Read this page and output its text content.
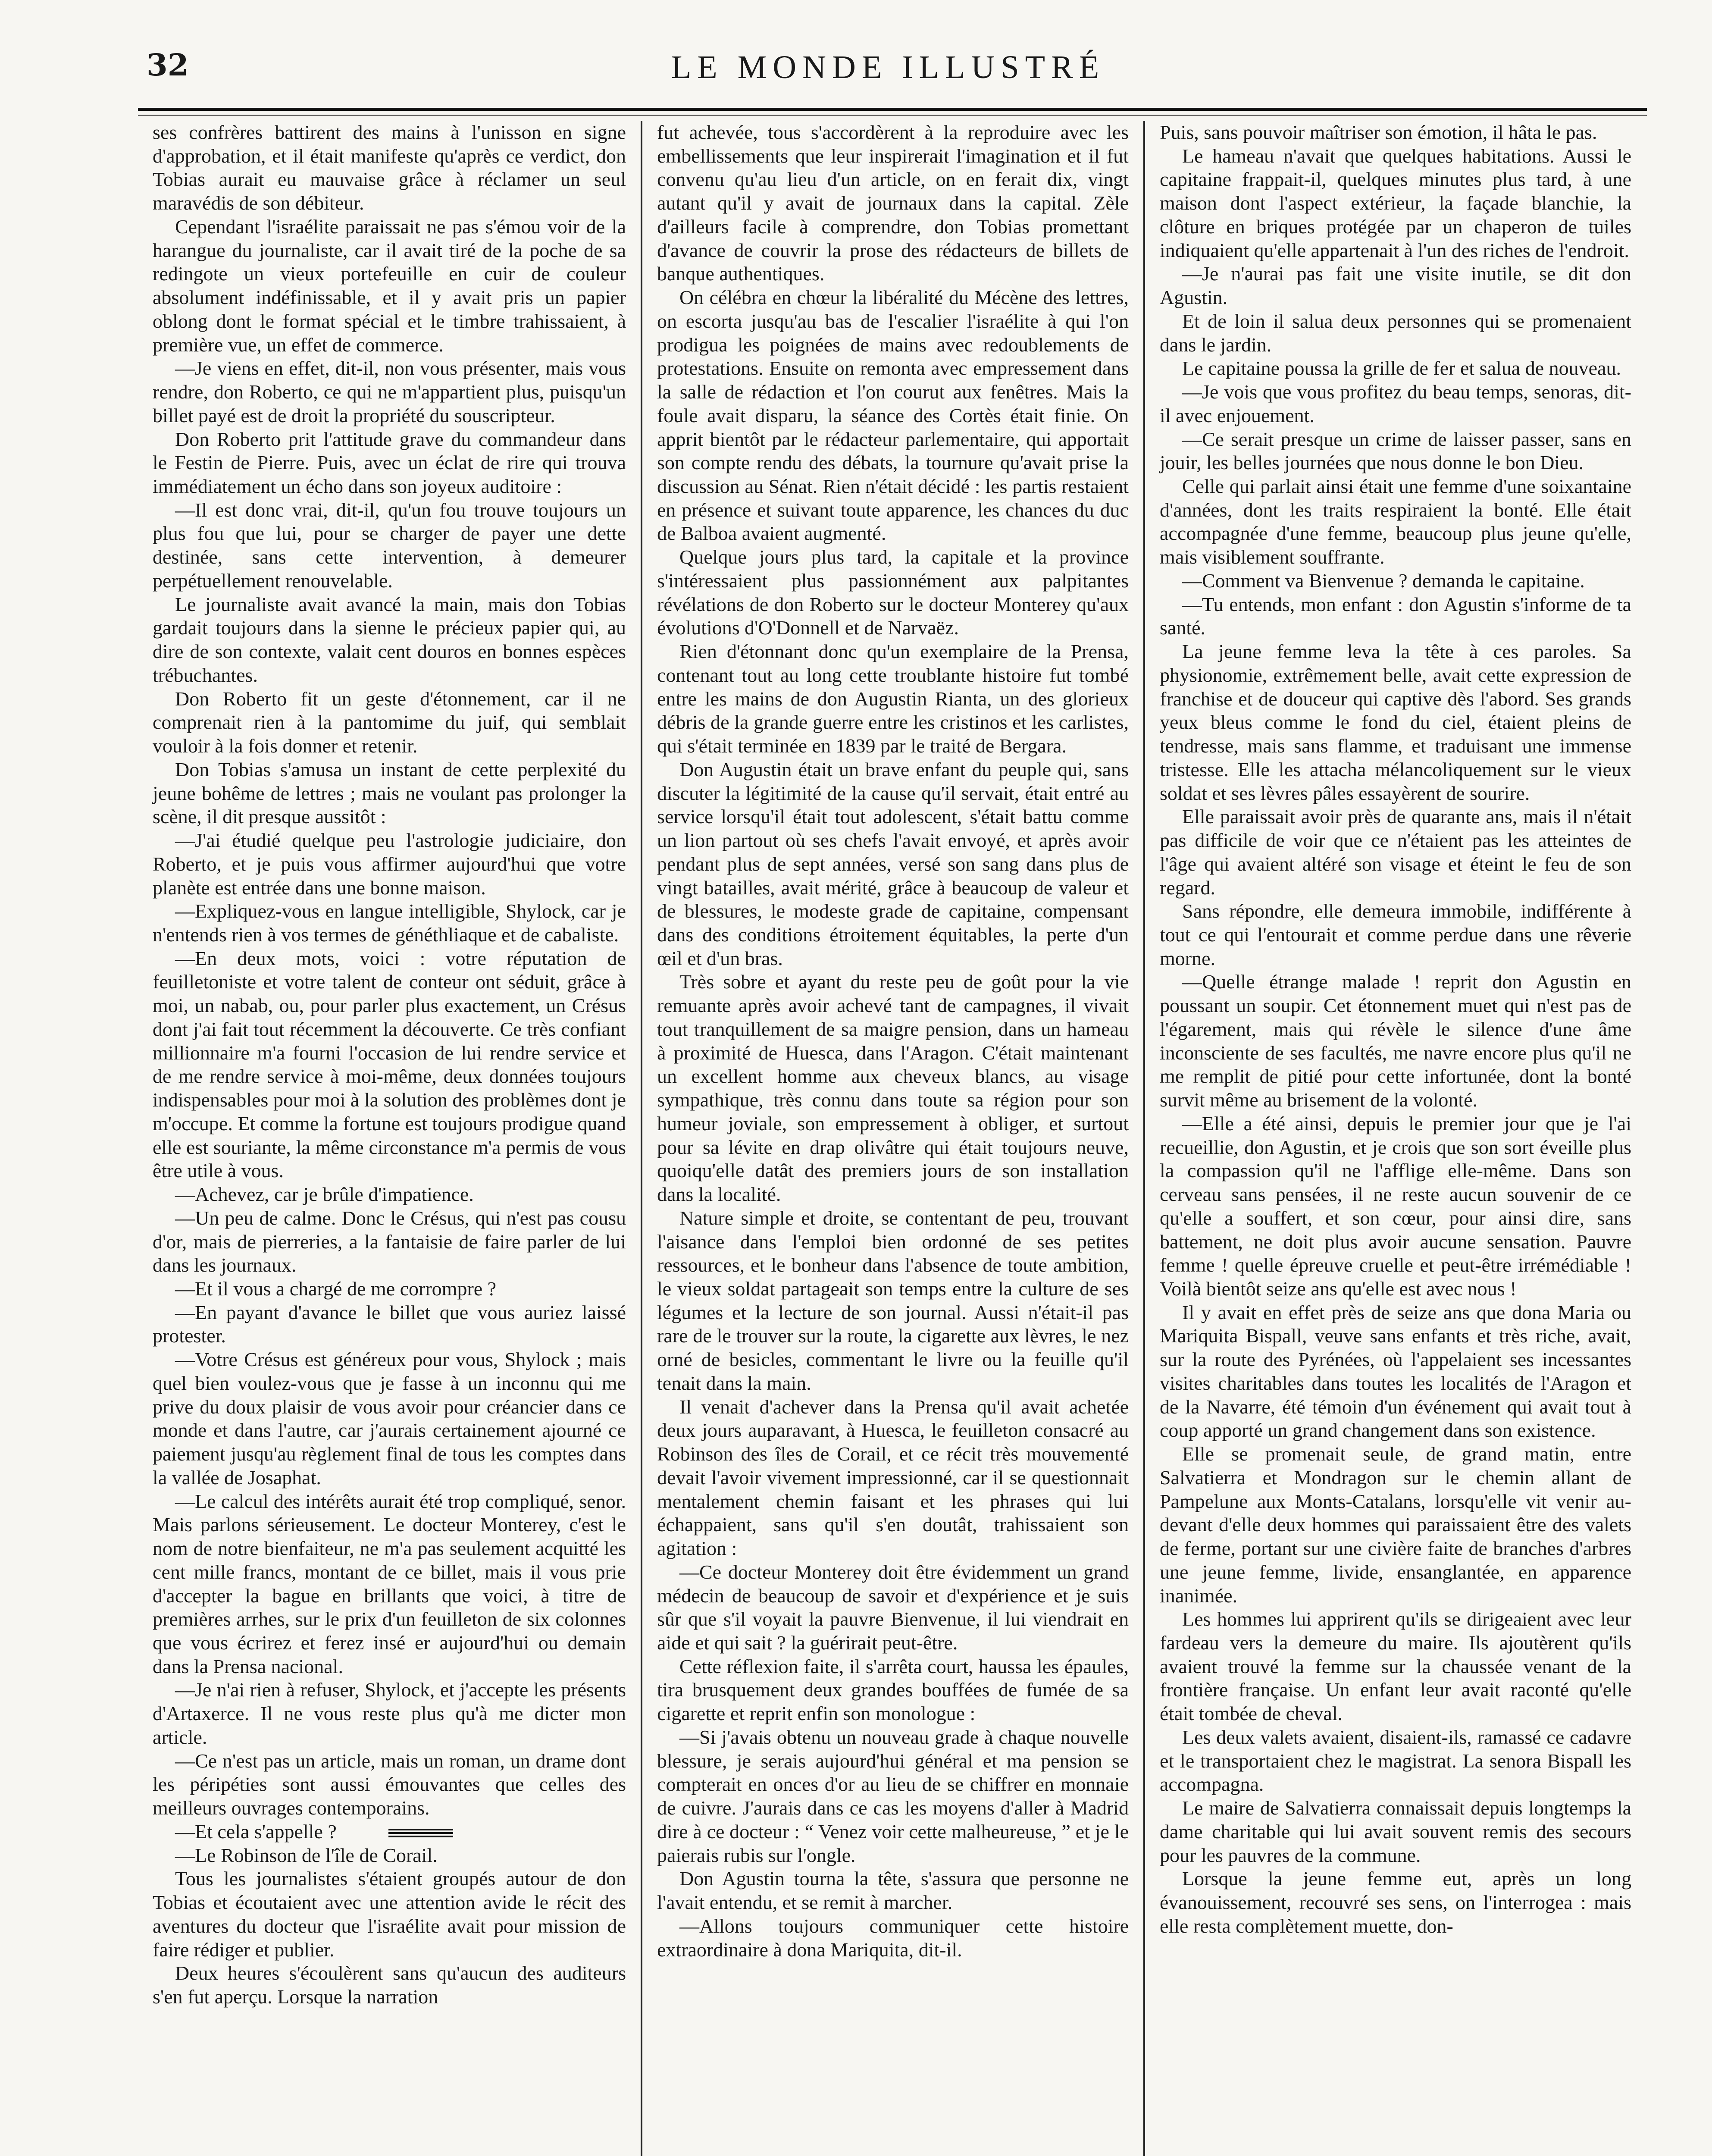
32	LE MONDE ILLUSTRÉ

ses confrères battirent des mains à l'unisson en signe d'approbation, et il était manifeste qu'après ce verdict, don Tobias aurait eu mauvaise grâce à réclamer un seul maravédis de son débiteur.

Cependant l'israélite paraissait ne pas s'émou voir de la harangue du journaliste, car il avait tiré de la poche de sa redingote un vieux portefeuille en cuir de couleur absolument indéfinissable, et il y avait pris un papier oblong dont le format spécial et le timbre trahissaient, à première vue, un effet de commerce.

—Je viens en effet, dit-il, non vous présenter, mais vous rendre, don Roberto, ce qui ne m'appartient plus, puisqu'un billet payé est de droit la propriété du souscripteur.

Don Roberto prit l'attitude grave du commandeur dans le Festin de Pierre. Puis, avec un éclat de rire qui trouva immédiatement un écho dans son joyeux auditoire :

—Il est donc vrai, dit-il, qu'un fou trouve toujours un plus fou que lui, pour se charger de payer une dette destinée, sans cette intervention, à demeurer perpétuellement renouvelable.

Le journaliste avait avancé la main, mais don Tobias gardait toujours dans la sienne le précieux papier qui, au dire de son contexte, valait cent douros en bonnes espèces trébuchantes.

Don Roberto fit un geste d'étonnement, car il ne comprenait rien à la pantomime du juif, qui semblait vouloir à la fois donner et retenir.

Don Tobias s'amusa un instant de cette perplexité du jeune bohême de lettres ; mais ne voulant pas prolonger la scène, il dit presque aussitôt :

—J'ai étudié quelque peu l'astrologie judiciaire, don Roberto, et je puis vous affirmer aujourd'hui que votre planète est entrée dans une bonne maison.

—Expliquez-vous en langue intelligible, Shylock, car je n'entends rien à vos termes de généthliaque et de cabaliste.

—En deux mots, voici : votre réputation de feuilletoniste et votre talent de conteur ont séduit, grâce à moi, un nabab, ou, pour parler plus exactement, un Crésus dont j'ai fait tout récemment la découverte. Ce très confiant millionnaire m'a fourni l'occasion de lui rendre service et de me rendre service à moi-même, deux données toujours indispensables pour moi à la solution des problèmes dont je m'occupe. Et comme la fortune est toujours prodigue quand elle est souriante, la même circonstance m'a permis de vous être utile à vous.

—Achevez, car je brûle d'impatience.

—Un peu de calme. Donc le Crésus, qui n'est pas cousu d'or, mais de pierreries, a la fantaisie de faire parler de lui dans les journaux.

—Et il vous a chargé de me corrompre ?

—En payant d'avance le billet que vous auriez laissé protester.

—Votre Crésus est généreux pour vous, Shylock ; mais quel bien voulez-vous que je fasse à un inconnu qui me prive du doux plaisir de vous avoir pour créancier dans ce monde et dans l'autre, car j'aurais certainement ajourné ce paiement jusqu'au règlement final de tous les comptes dans la vallée de Josaphat.

—Le calcul des intérêts aurait été trop compliqué, senor. Mais parlons sérieusement. Le docteur Monterey, c'est le nom de notre bienfaiteur, ne m'a pas seulement acquitté les cent mille francs, montant de ce billet, mais il vous prie d'accepter la bague en brillants que voici, à titre de premières arrhes, sur le prix d'un feuilleton de six colonnes que vous écrirez et ferez insé er aujourd'hui ou demain dans la Prensa nacional.

—Je n'ai rien à refuser, Shylock, et j'accepte les présents d'Artaxerce. Il ne vous reste plus qu'à me dicter mon article.

—Ce n'est pas un article, mais un roman, un drame dont les péripéties sont aussi émouvantes que celles des meilleurs ouvrages contemporains.

—Et cela s'appelle ?

—Le Robinson de l'île de Corail.

Tous les journalistes s'étaient groupés autour de don Tobias et écoutaient avec une attention avide le récit des aventures du docteur que l'israélite avait pour mission de faire rédiger et publier.

Deux heures s'écoulèrent sans qu'aucun des auditeurs s'en fut aperçu. Lorsque la narration

fut achevée, tous s'accordèrent à la reproduire avec les embellissements que leur inspirerait l'imagination et il fut convenu qu'au lieu d'un article, on en ferait dix, vingt autant qu'il y avait de journaux dans la capital. Zèle d'ailleurs facile à comprendre, don Tobias promettant d'avance de couvrir la prose des rédacteurs de billets de banque authentiques.

On célébra en chœur la libéralité du Mécène des lettres, on escorta jusqu'au bas de l'escalier l'israélite à qui l'on prodigua les poignées de mains avec redoublements de protestations. Ensuite on remonta avec empressement dans la salle de rédaction et l'on courut aux fenêtres. Mais la foule avait disparu, la séance des Cortès était finie. On apprit bientôt par le rédacteur parlementaire, qui apportait son compte rendu des débats, la tournure qu'avait prise la discussion au Sénat. Rien n'était décidé : les partis restaient en présence et suivant toute apparence, les chances du duc de Balboa avaient augmenté.

Quelque jours plus tard, la capitale et la province s'intéressaient plus passionnément aux palpitantes révélations de don Roberto sur le docteur Monterey qu'aux évolutions d'O'Donnell et de Narvaëz.

Rien d'étonnant donc qu'un exemplaire de la Prensa, contenant tout au long cette troublante histoire fut tombé entre les mains de don Augustin Rianta, un des glorieux débris de la grande guerre entre les cristinos et les carlistes, qui s'était terminée en 1839 par le traité de Bergara.

Don Augustin était un brave enfant du peuple qui, sans discuter la légitimité de la cause qu'il servait, était entré au service lorsqu'il était tout adolescent, s'était battu comme un lion partout où ses chefs l'avait envoyé, et après avoir pendant plus de sept années, versé son sang dans plus de vingt batailles, avait mérité, grâce à beaucoup de valeur et de blessures, le modeste grade de capitaine, compensant dans des conditions étroitement équitables, la perte d'un œil et d'un bras.

Très sobre et ayant du reste peu de goût pour la vie remuante après avoir achevé tant de campagnes, il vivait tout tranquillement de sa maigre pension, dans un hameau à proximité de Huesca, dans l'Aragon. C'était maintenant un excellent homme aux cheveux blancs, au visage sympathique, très connu dans toute sa région pour son humeur joviale, son empressement à obliger, et surtout pour sa lévite en drap olivâtre qui était toujours neuve, quoiqu'elle datât des premiers jours de son installation dans la localité.

Nature simple et droite, se contentant de peu, trouvant l'aisance dans l'emploi bien ordonné de ses petites ressources, et le bonheur dans l'absence de toute ambition, le vieux soldat partageait son temps entre la culture de ses légumes et la lecture de son journal. Aussi n'était-il pas rare de le trouver sur la route, la cigarette aux lèvres, le nez orné de besicles, commentant le livre ou la feuille qu'il tenait dans la main.

Il venait d'achever dans la Prensa qu'il avait achetée deux jours auparavant, à Huesca, le feuilleton consacré au Robinson des îles de Corail, et ce récit très mouvementé devait l'avoir vivement impressionné, car il se questionnait mentalement chemin faisant et les phrases qui lui échappaient, sans qu'il s'en doutât, trahissaient son agitation :

—Ce docteur Monterey doit être évidemment un grand médecin de beaucoup de savoir et d'expérience et je suis sûr que s'il voyait la pauvre Bienvenue, il lui viendrait en aide et qui sait ? la guérirait peut-être.

Cette réflexion faite, il s'arrêta court, haussa les épaules, tira brusquement deux grandes bouffées de fumée de sa cigarette et reprit enfin son monologue :

—Si j'avais obtenu un nouveau grade à chaque nouvelle blessure, je serais aujourd'hui général et ma pension se compterait en onces d'or au lieu de se chiffrer en monnaie de cuivre. J'aurais dans ce cas les moyens d'aller à Madrid dire à ce docteur : “ Venez voir cette malheureuse, ” et je le paierais rubis sur l'ongle.

Don Agustin tourna la tête, s'assura que personne ne l'avait entendu, et se remit à marcher.

—Allons toujours communiquer cette histoire extraordinaire à dona Mariquita, dit-il.

Puis, sans pouvoir maîtriser son émotion, il hâta le pas.

Le hameau n'avait que quelques habitations. Aussi le capitaine frappait-il, quelques minutes plus tard, à une maison dont l'aspect extérieur, la façade blanchie, la clôture en briques protégée par un chaperon de tuiles indiquaient qu'elle appartenait à l'un des riches de l'endroit.

—Je n'aurai pas fait une visite inutile, se dit don Agustin.

Et de loin il salua deux personnes qui se promenaient dans le jardin.

Le capitaine poussa la grille de fer et salua de nouveau.

—Je vois que vous profitez du beau temps, senoras, dit-il avec enjouement.

—Ce serait presque un crime de laisser passer, sans en jouir, les belles journées que nous donne le bon Dieu.

Celle qui parlait ainsi était une femme d'une soixantaine d'années, dont les traits respiraient la bonté. Elle était accompagnée d'une femme, beaucoup plus jeune qu'elle, mais visiblement souffrante.

—Comment va Bienvenue ? demanda le capitaine.

—Tu entends, mon enfant : don Agustin s'informe de ta santé.

La jeune femme leva la tête à ces paroles. Sa physionomie, extrêmement belle, avait cette expression de franchise et de douceur qui captive dès l'abord. Ses grands yeux bleus comme le fond du ciel, étaient pleins de tendresse, mais sans flamme, et traduisant une immense tristesse. Elle les attacha mélancoliquement sur le vieux soldat et ses lèvres pâles essayèrent de sourire.

Elle paraissait avoir près de quarante ans, mais il n'était pas difficile de voir que ce n'étaient pas les atteintes de l'âge qui avaient altéré son visage et éteint le feu de son regard.

Sans répondre, elle demeura immobile, indifférente à tout ce qui l'entourait et comme perdue dans une rêverie morne.

—Quelle étrange malade ! reprit don Agustin en poussant un soupir. Cet étonnement muet qui n'est pas de l'égarement, mais qui révèle le silence d'une âme inconsciente de ses facultés, me navre encore plus qu'il ne me remplit de pitié pour cette infortunée, dont la bonté survit même au brisement de la volonté.

—Elle a été ainsi, depuis le premier jour que je l'ai recueillie, don Agustin, et je crois que son sort éveille plus la compassion qu'il ne l'afflige elle-même. Dans son cerveau sans pensées, il ne reste aucun souvenir de ce qu'elle a souffert, et son cœur, pour ainsi dire, sans battement, ne doit plus avoir aucune sensation. Pauvre femme ! quelle épreuve cruelle et peut-être irrémédiable ! Voilà bientôt seize ans qu'elle est avec nous !

Il y avait en effet près de seize ans que dona Maria ou Mariquita Bispall, veuve sans enfants et très riche, avait, sur la route des Pyrénées, où l'appelaient ses incessantes visites charitables dans toutes les localités de l'Aragon et de la Navarre, été témoin d'un événement qui avait tout à coup apporté un grand changement dans son existence.

Elle se promenait seule, de grand matin, entre Salvatierra et Mondragon sur le chemin allant de Pampelune aux Monts-Catalans, lorsqu'elle vit venir au-devant d'elle deux hommes qui paraissaient être des valets de ferme, portant sur une civière faite de branches d'arbres une jeune femme, livide, ensanglantée, en apparence inanimée.

Les hommes lui apprirent qu'ils se dirigeaient avec leur fardeau vers la demeure du maire. Ils ajoutèrent qu'ils avaient trouvé la femme sur la chaussée venant de la frontière française. Un enfant leur avait raconté qu'elle était tombée de cheval.

Les deux valets avaient, disaient-ils, ramassé ce cadavre et le transportaient chez le magistrat. La senora Bispall les accompagna.

Le maire de Salvatierra connaissait depuis longtemps la dame charitable qui lui avait souvent remis des secours pour les pauvres de la commune.

Lorsque la jeune femme eut, après un long évanouissement, recouvré ses sens, on l'interrogea : mais elle resta complètement muette, don-
